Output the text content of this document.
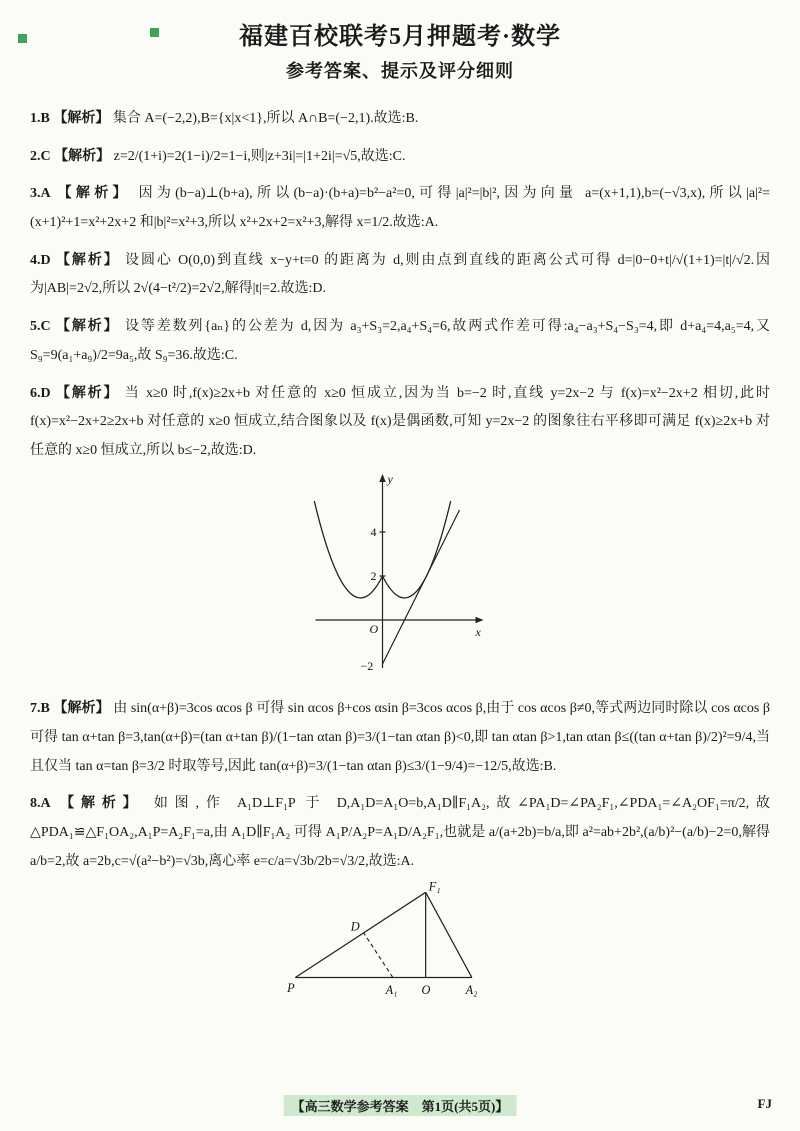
福建百校联考5月押题考·数学
参考答案、提示及评分细则

1.B 【解析】 集合 A=(−2,2),B={x|x<1},所以 A∩B=(−2,1).故选:B.

2.C 【解析】 z=2/(1+i)=2(1−i)/2=1−i,则|z+3i|=|1+2i|=√5,故选:C.

3.A 【解析】 因为(b−a)⊥(b+a),所以(b−a)·(b+a)=b²−a²=0,可得|a|²=|b|²,因为向量 a=(x+1,1),b=(−√3,x),所以|a|²=(x+1)²+1=x²+2x+2 和|b|²=x²+3,所以 x²+2x+2=x²+3,解得 x=1/2.故选:A.

4.D 【解析】 设圆心 O(0,0)到直线 x−y+t=0 的距离为 d,则由点到直线的距离公式可得 d=|0−0+t|/√(1+1)=|t|/√2.因为|AB|=2√2,所以 2√(4−t²/2)=2√2,解得|t|=2.故选:D.

5.C 【解析】 设等差数列{aₙ}的公差为 d,因为 a₃+S₃=2,a₄+S₄=6,故两式作差可得:a₄−a₃+S₄−S₃=4,即 d+a₄=4,a₅=4,又 S₉=9(a₁+a₉)/2=9a₅,故 S₉=36.故选:C.

6.D 【解析】 当 x≥0 时,f(x)≥2x+b 对任意的 x≥0 恒成立,因为当 b=−2 时,直线 y=2x−2 与 f(x)=x²−2x+2 相切,此时 f(x)=x²−2x+2≥2x+b 对任意的 x≥0 恒成立,结合图象以及 f(x)是偶函数,可知 y=2x−2 的图象往右平移即可满足 f(x)≥2x+b 对任意的 x≥0 恒成立,所以 b≤−2,故选:D.

y
x
O
4
2
−2

7.B 【解析】 由 sin(α+β)=3cos αcos β 可得 sin αcos β+cos αsin β=3cos αcos β,由于 cos αcos β≠0,等式两边同时除以 cos αcos β 可得 tan α+tan β=3,tan(α+β)=(tan α+tan β)/(1−tan αtan β)=3/(1−tan αtan β)<0,即 tan αtan β>1,tan αtan β≤((tan α+tan β)/2)²=9/4,当且仅当 tan α=tan β=3/2 时取等号,因此 tan(α+β)=3/(1−tan αtan β)≤3/(1−9/4)=−12/5,故选:B.

8.A 【解析】 如图,作 A₁D⊥F₁P 于 D,A₁D=A₁O=b,A₁D∥F₁A₂,故∠PA₁D=∠PA₂F₁,∠PDA₁=∠A₂OF₁=π/2,故△PDA₁≌△F₁OA₂,A₁P=A₂F₁=a,由 A₁D∥F₁A₂ 可得 A₁P/A₂P=A₁D/A₂F₁,也就是 a/(a+2b)=b/a,即 a²=ab+2b²,(a/b)²−(a/b)−2=0,解得 a/b=2,故 a=2b,c=√(a²−b²)=√3b,离心率 e=c/a=√3b/2b=√3/2,故选:A.

F₁
D
P	A₁ O	A₂
【高三数学参考答案　第1页(共5页)】	FJ
